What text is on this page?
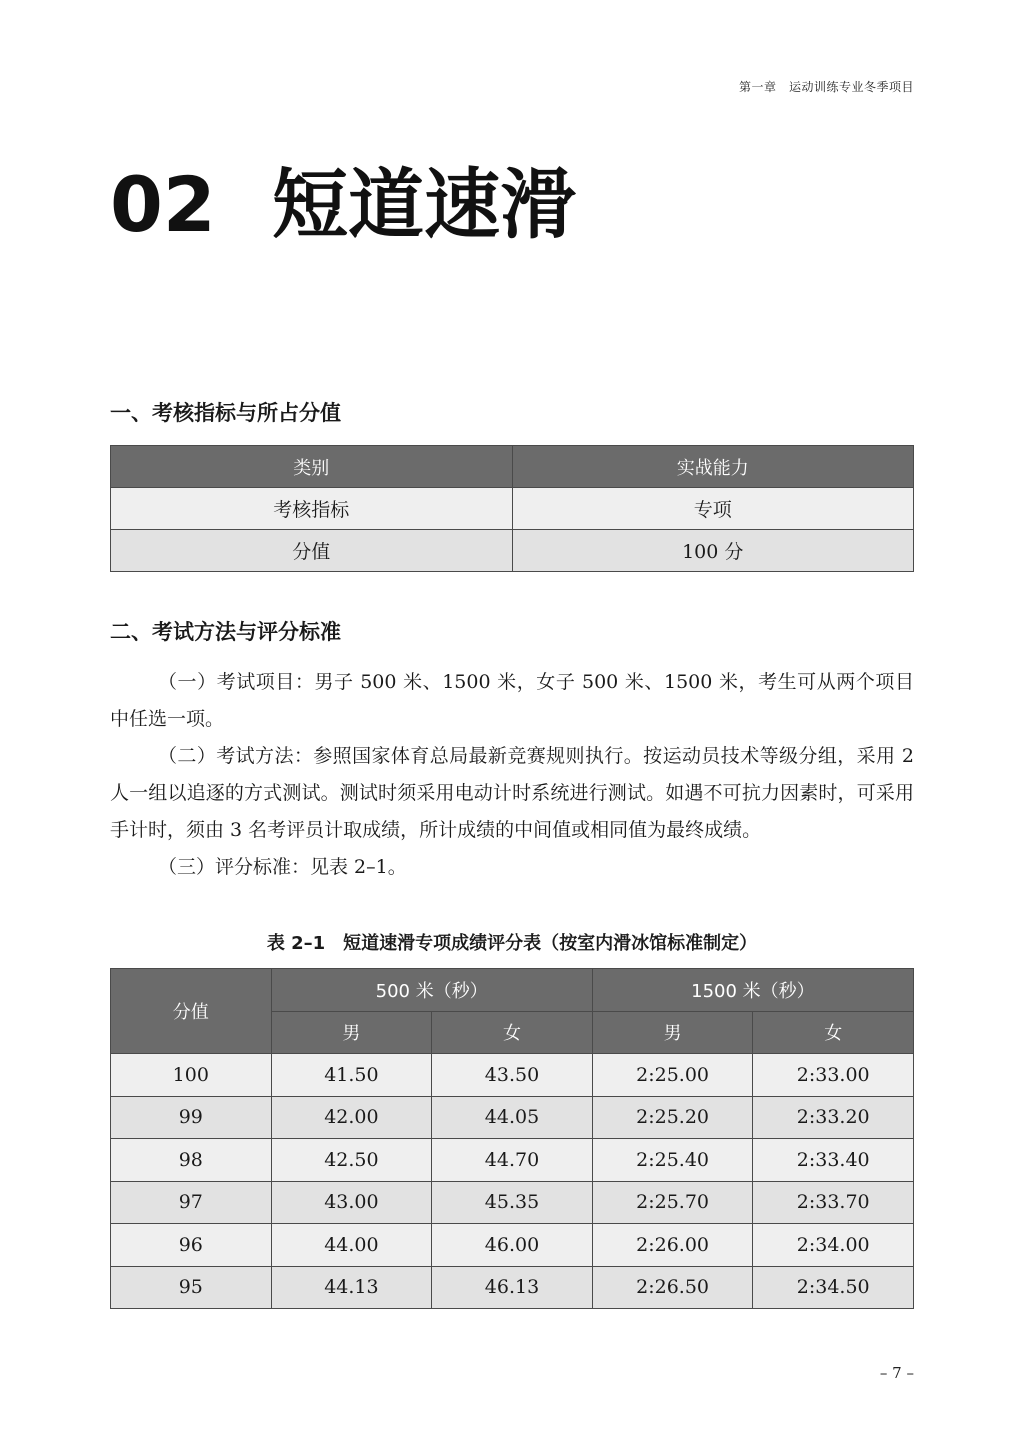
第一章　运动训练专业冬季项目
02 短道速滑
一、考核指标与所占分值
类别	实战能力
考核指标	专项
分值	100 分
二、考试方法与评分标准

（一）考试项目：男子 500 米、1500 米，女子 500 米、1500 米，考生可从两个项目中任选一项。

（二）考试方法：参照国家体育总局最新竞赛规则执行。按运动员技术等级分组，采用 2 人一组以追逐的方式测试。测试时须采用电动计时系统进行测试。如遇不可抗力因素时，可采用手计时，须由 3 名考评员计取成绩，所计成绩的中间值或相同值为最终成绩。

（三）评分标准：见表 2–1。

表 2–1　短道速滑专项成绩评分表（按室内滑冰馆标准制定）
分值	500 米（秒）		1500 米（秒）	
	男	女	男	女
100	41.50	43.50	2:25.00	2:33.00
99	42.00	44.05	2:25.20	2:33.20
98	42.50	44.70	2:25.40	2:33.40
97	43.00	45.35	2:25.70	2:33.70
96	44.00	46.00	2:26.00	2:34.00
95	44.13	46.13	2:26.50	2:34.50
– 7 –
